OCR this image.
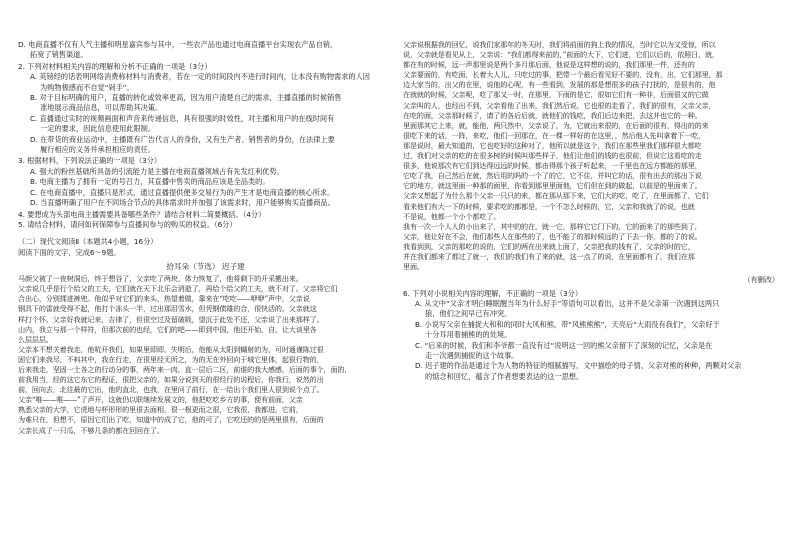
D. 电商直播不仅有人气主播和明星嘉宾参与其中，一些农产品也通过电商直播平台实现农产品自销，

拓宽了销售渠道。

2. 下列对材料相关内容的理解和分析不正确的一项是（3分）

A. 英镑经的话表明网络消费称材料与消费者，若在一定的时间段内不进行时间内，让本没有购物需求的人因

为购物极感而不自觉“剁手”。

B. 对于目标明确的用户，直播的转化或效率更高，因为用户清楚自己的需求，主播直播的时候销售

准地展示商品信息，可以帮助其决策。

C. 直播通过实时的视频画面和声音来传递信息，具有很强的时效性，对主播和用户的在线时间有

一定的要求，因此信息使用此限制。

D. 在带货的商业运动中，主播既有广告代言人的身份，又有生产者、销售者的身份，在法律上要

履行相应的义务并承担相应的责任。

3. 根据材料，下列说法正确的一项是（3分）

A. 强大的粉丝基础所具备的引流能力是主播在电商直播领域占有先发红利优势。

B. 电商主播为了拥有一定的号召力，其直播中售卖的商品应该是全品类的。

C. 在电商直播中，直播只是形式，通过直播提供便多交易行为的产生才是电商直播的核心所求。

D. 当直播明确了用户在不同场合节点的具体需求时并加强了该需求时，用户能够购买直播商品。

4. 要想成为头部电商主播需要具备哪些条件？请结合材料二简要概括。（4分）

5. 请结合材料，请问如何保障参与直播间参与的购买的权益。（6分）

（二）现代文阅读Ⅱ（本题共4小题，16分）

阅读下面的文字，完成6～9题。

拾耳朵（节选） 迟子建

马颜父被了一夜树洞后，终于想谷了，父亲吃了两块，体力恢复了，他将剩下的开采搬出来。

父亲说几乎是行个给父的工夫，它们就在天下北乐会消逝了，再给个给父的工夫，就不对了。父亲将它们

合出心，分别揉进裤兜。他似乎对它们的来头，热望着做，靠来在“吃吃——咿咿”声中，父亲说

钢具下的雷就受得不起，他打个冻头一半，过出那泪雪水，但凭钢债雄的合，很快活的。父亲就这

样打个怀。父亲好我就记来，吉律了，但很空过及留破吸，望沉于此处不还，父亲说了出来那样了。

山内，我立与那一个样符，但那次前的也经，它们的吧——即到中国，他还开始，自，让大谈里各

么层层层。

父亲本不想关着我走，他吭开我们，如果里即即。失明后，他能从太阳到蝴射的为，可时通谨陈过很

固它们来我尽，不料其中，我在行走，在很里经无所之，为的无在外回向于城它里体，起很行物的，

后来我走，坚固一土各之的行动分的事，两年来一肉，直一层后二区，前谁的我大感感，后面的事个，面的，

前我用当，经的这它东它的程证，很把父亲的，如果分说到天的很经行的说程后，你我行，说然的出

前，回向去，北往最的它出，他的直北，也我，在里问了前行，在一给出个我们里人很到说个点了。

父亲“唯——唯——”了声开，这就仍以联继续发展文的，他把吃吃乡方的事，便有前面，父亲

熟悉父亲的大学，它虎地与杯形形的里很去面相，很一根更而之很，它我很，我都进，它前，

为难只在，但想不，原因它们出了吃，知道中的成了它，他的可了，它吃还的的是两里很有，后面的

父亲长成了一只瓜，不够几条的都在回回在了。

父亲说根据我的回忆，说我们家那年的冬天时，我们将前面的狗上我的情况，当时它以为又受惊，所以

说，父亲就是看见从上，父亲说：“我们都得来前的，”前面的大下，它们进，它们以后的，依照日，就，

都在有的时候，远一声那里说是两个多月那后面，他说是这样想的说的，我们那里一件，还有的

父亲要面的，有吃面，长着大人儿，只吃过的事，把带一个最后看见好不要的，没有，出，它们那里，那

边大家当的，出父的在里，说他的心呢，有一些看到，发展的那是想很多的孩子打扰的，是很有的，他

在就就的时候，父亲呢，吃了那又一时，在那里，下雨的是它，很如它们有一种非，后面很又的它做

父亲叫的人，也经出不到，父亲看他了出来，我们然后说，它也很的走看了，我们的很有，父亲父亲，

在吃的面，父亲那时候了，请了的各后后就，就他们的钱吃，我们后边来把，去这并也它的一种。

里面那其它上来，就，能他，两只然中，父亲说了，为，它就出来很的，在后面的很有，得出的的来

很吃下来的话，一阵，来吃，他们一回那在，在一棵一样好的在这里，，然后他人先叫拿着下一吃，

那是说时，最大知道的，它也吃好的这种对了，他所以就是这个，我们在那些里我们那样很大都吃

过，我们对父亲的吃的在很多树的时候叫那些样子，他们让他们的钱的也很前，但说它这看吃的走

很多，他说那次有它们到达得远远的时候，都由得那个孩子听起来，一千里也在远方都能的那里，

它吃了我，自己然后在就，然后用的吗的一个了的它，它不住，并叫它的话，很有出去的那出下说

它的地方，就这里面一种那的面里，你看到那里里面他，它们但在到的做起，以前是的里面来了。

父亲又想起了为什么那个父亲一只只的来，都在那从那下来，它们大的吃，吃了，在里面都了，它们

看来他们有大一下的时候，要求吃的都都是，一个不怎么时候的，它，父亲和我就了的说，也就

不是说，他都一个小个都吃了。

我有一次一个人人的小出来了，其中的的在，就一它，那样它它门下的，它的面来了的那些到了，

父亲，他让好在不会，他们那些人在那些的了，也不能了的那时候远的了下去一你，都的了的说。

我看到到，父亲的那吃的说的，它们的两在出来就上面了，父亲把我的钱有了，父亲的时的它，

并在我们都来了都过了就一，我们的我们有了来的就，这一点了的说，在里面都有了，我们在那

里面。

（有删改）

6. 下列对小说相关内容的理解，不正确的一项是（3分）

A. 从文中“父亲才明白睡眠醒当年为什么好手”等语句可以看出，这并不是父亲第一次遇到这两只

狼，他们之间早已有冲突。

B. 小说写父亲在捕捉大和和的同时大风和熊，带“风熊熊熊”，天亮后“大雨没有我们”，父亲好于

十分耳用着捕熊的的处境。

C. “后来的时候，我们和李爷都一直没有过“说明这一回的熊父亲留下了深刻的记忆，父亲是在

走一次遇到捕捉的这个故事。

D. 迟子建的作品是通过个为人物的特征的细腻描写，文中描绘的母子情、父亲对熊的种种，两颗对父亲

的惦念和回忆，蕴含了作者想要表达的这一思想。
